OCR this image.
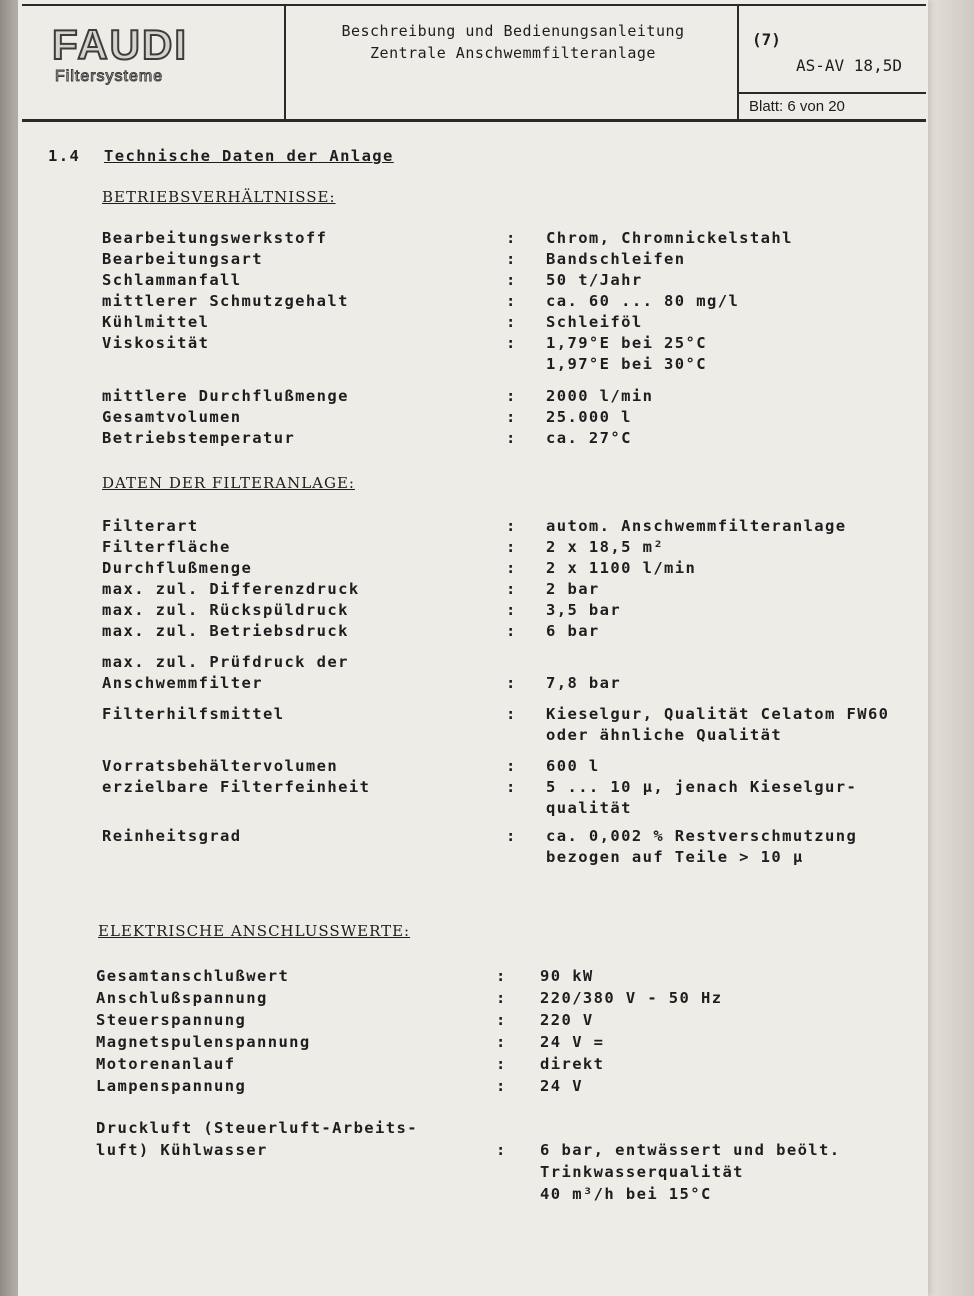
FAUDI
Filtersysteme
Beschreibung und Bedienungsanleitung
Zentrale Anschwemmfilteranlage
(7)
AS-AV 18,5D
Blatt: 6 von 20
1.4 Technische Daten der Anlage
BETRIEBSVERHÄLTNISSE:
Bearbeitungswerkstoff	: Chrom, Chromnickelstahl
Bearbeitungsart	: Bandschleifen
Schlammanfall	: 50 t/Jahr
mittlerer Schmutzgehalt	: ca. 60 ... 80 mg/l
Kühlmittel	: Schleiföl
Viskosität	: 1,79°E bei 25°C
1,97°E bei 30°C
mittlere Durchflußmenge	: 2000 l/min
Gesamtvolumen	: 25.000 l
Betriebstemperatur	: ca. 27°C
DATEN DER FILTERANLAGE:
Filterart	: autom. Anschwemmfilteranlage
Filterfläche	: 2 x 18,5 m²
Durchflußmenge	: 2 x 1100 l/min
max. zul. Differenzdruck	: 2 bar
max. zul. Rückspüldruck	: 3,5 bar
max. zul. Betriebsdruck	: 6 bar
max. zul. Prüfdruck der
Anschwemmfilter	: 7,8 bar
Filterhilfsmittel	: Kieselgur, Qualität Celatom FW60
oder ähnliche Qualität
Vorratsbehältervolumen	: 600 l
erzielbare Filterfeinheit	: 5 ... 10 µ, jenach Kieselgur-
qualität
Reinheitsgrad	: ca. 0,002 % Restverschmutzung
bezogen auf Teile > 10 µ
ELEKTRISCHE ANSCHLUSSWERTE:
Gesamtanschlußwert	: 90 kW
Anschlußspannung	: 220/380 V - 50 Hz
Steuerspannung	: 220 V
Magnetspulenspannung	: 24 V =
Motorenanlauf	: direkt
Lampenspannung	: 24 V
Druckluft (Steuerluft-Arbeits-
luft) Kühlwasser	: 6 bar, entwässert und beölt.
Trinkwasserqualität
40 m³/h bei 15°C
